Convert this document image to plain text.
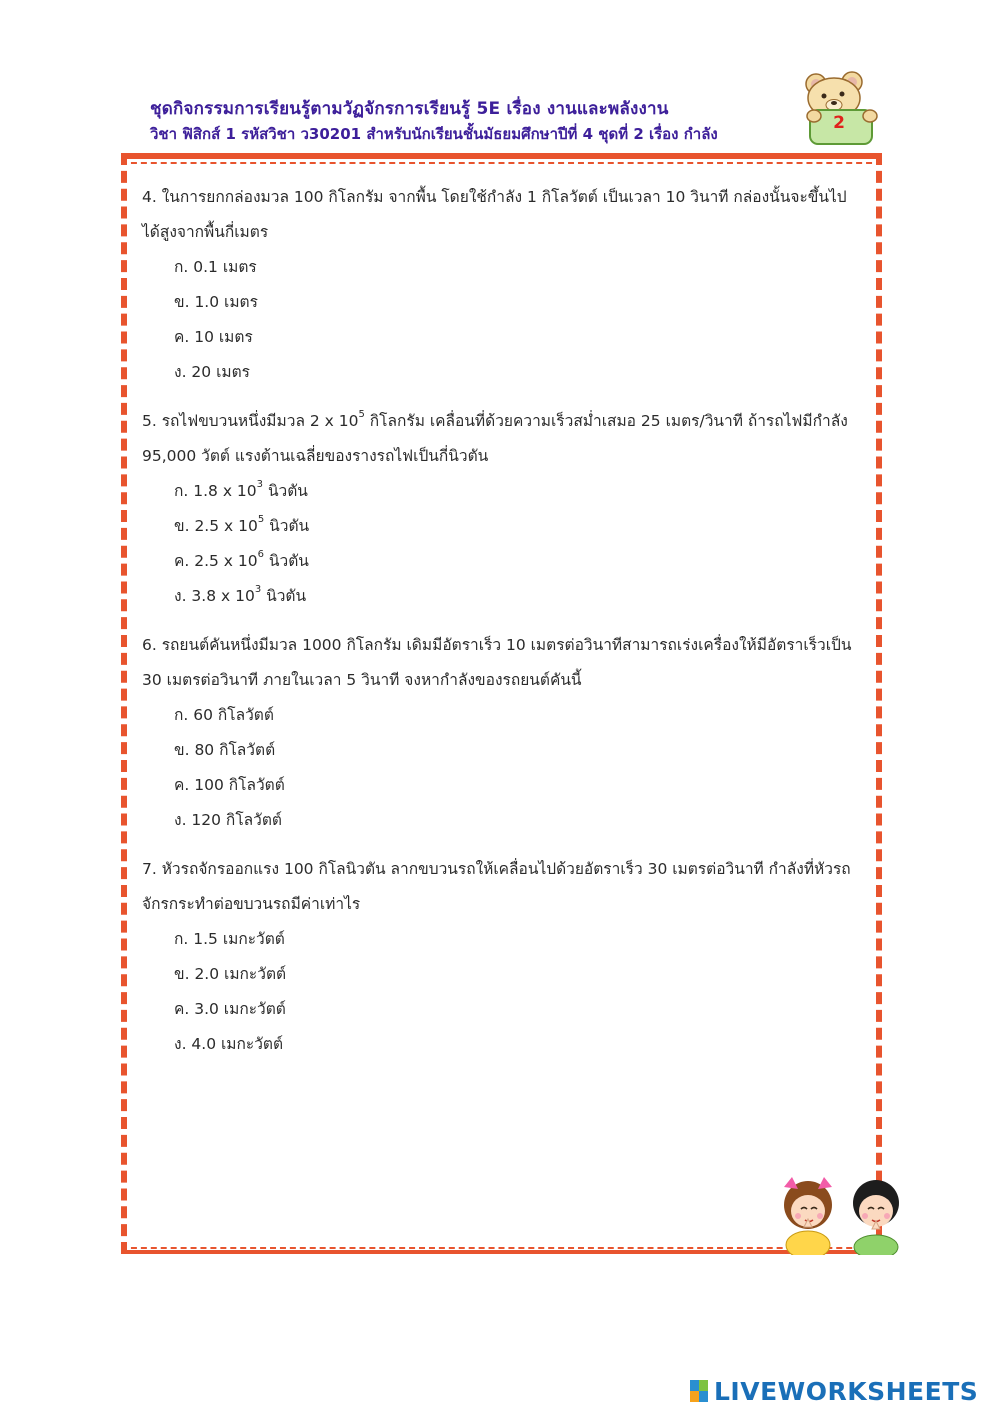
ชุดกิจกรรมการเรียนรู้ตามวัฏจักรการเรียนรู้ 5E เรื่อง งานและพลังงาน
วิชา ฟิสิกส์ 1 รหัสวิชา ว30201 สำหรับนักเรียนชั้นมัธยมศึกษาปีที่ 4 ชุดที่ 2 เรื่อง กำลัง
2

4. ในการยกกล่องมวล 100 กิโลกรัม จากพื้น โดยใช้กำลัง 1 กิโลวัตต์ เป็นเวลา 10 วินาที กล่องนั้นจะขึ้นไปได้สูงจากพื้นกี่เมตร

ก. 0.1 เมตร
ข. 1.0 เมตร
ค. 10 เมตร
ง. 20 เมตร

5. รถไฟขบวนหนึ่งมีมวล 2 x $10^5$ กิโลกรัม เคลื่อนที่ด้วยความเร็วสม่ำเสมอ 25 เมตร/วินาที ถ้ารถไฟมีกำลัง 95,000 วัตต์ แรงต้านเฉลี่ยของรางรถไฟเป็นกี่นิวตัน

ก. 1.8 x $10^3$ นิวตัน
ข. 2.5 x $10^5$ นิวตัน
ค. 2.5 x $10^6$ นิวตัน
ง. 3.8 x $10^3$ นิวตัน

6. รถยนต์คันหนึ่งมีมวล 1000 กิโลกรัม เดิมมีอัตราเร็ว 10 เมตรต่อวินาทีสามารถเร่งเครื่องให้มีอัตราเร็วเป็น 30 เมตรต่อวินาที ภายในเวลา 5 วินาที จงหากำลังของรถยนต์คันนี้

ก. 60 กิโลวัตต์
ข. 80 กิโลวัตต์
ค. 100 กิโลวัตต์
ง. 120 กิโลวัตต์

7. หัวรถจักรออกแรง 100 กิโลนิวตัน ลากขบวนรถให้เคลื่อนไปด้วยอัตราเร็ว 30 เมตรต่อวินาที กำลังที่หัวรถจักรกระทำต่อขบวนรถมีค่าเท่าไร

ก. 1.5 เมกะวัตต์
ข. 2.0 เมกะวัตต์
ค. 3.0 เมกะวัตต์
ง. 4.0 เมกะวัตต์
LIVEWORKSHEETS
